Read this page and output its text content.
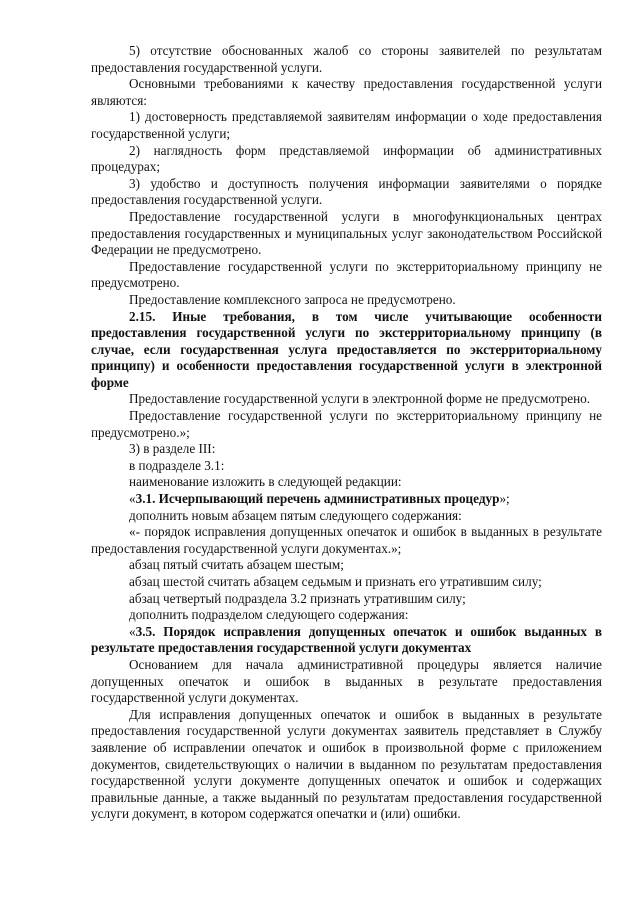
5) отсутствие обоснованных жалоб со стороны заявителей по результатам предоставления государственной услуги.

Основными требованиями к качеству предоставления государственной услуги являются:

1) достоверность представляемой заявителям информации о ходе предоставления государственной услуги;

2) наглядность форм представляемой информации об административных процедурах;

3) удобство и доступность получения информации заявителями о порядке предоставления государственной услуги.

Предоставление государственной услуги в многофункциональных центрах предоставления государственных и муниципальных услуг законодательством Российской Федерации не предусмотрено.

Предоставление государственной услуги по экстерриториальному принципу не предусмотрено.

Предоставление комплексного запроса не предусмотрено.

2.15. Иные требования, в том числе учитывающие особенности предоставления государственной услуги по экстерриториальному принципу (в случае, если государственная услуга предоставляется по экстерриториальному принципу) и особенности предоставления государственной услуги в электронной форме

Предоставление государственной услуги в электронной форме не предусмотрено.

Предоставление государственной услуги по экстерриториальному принципу не предусмотрено.»;

3) в разделе III:

в подразделе 3.1:

наименование изложить в следующей редакции:

«3.1. Исчерпывающий перечень административных процедур»;

дополнить новым абзацем пятым следующего содержания:

«- порядок исправления допущенных опечаток и ошибок в выданных в результате предоставления государственной услуги документах.»;

абзац пятый считать абзацем шестым;

абзац шестой считать абзацем седьмым и признать его утратившим силу;

абзац четвертый подраздела 3.2 признать утратившим силу;

дополнить подразделом следующего содержания:

«3.5. Порядок исправления допущенных опечаток и ошибок выданных в результате предоставления государственной услуги документах

Основанием для начала административной процедуры является наличие допущенных опечаток и ошибок в выданных в результате предоставления государственной услуги документах.

Для исправления допущенных опечаток и ошибок в выданных в результате предоставления государственной услуги документах заявитель представляет в Службу заявление об исправлении опечаток и ошибок в произвольной форме с приложением документов, свидетельствующих о наличии в выданном по результатам предоставления государственной услуги документе допущенных опечаток и ошибок и содержащих правильные данные, а также выданный по результатам предоставления государственной услуги документ, в котором содержатся опечатки и (или) ошибки.
